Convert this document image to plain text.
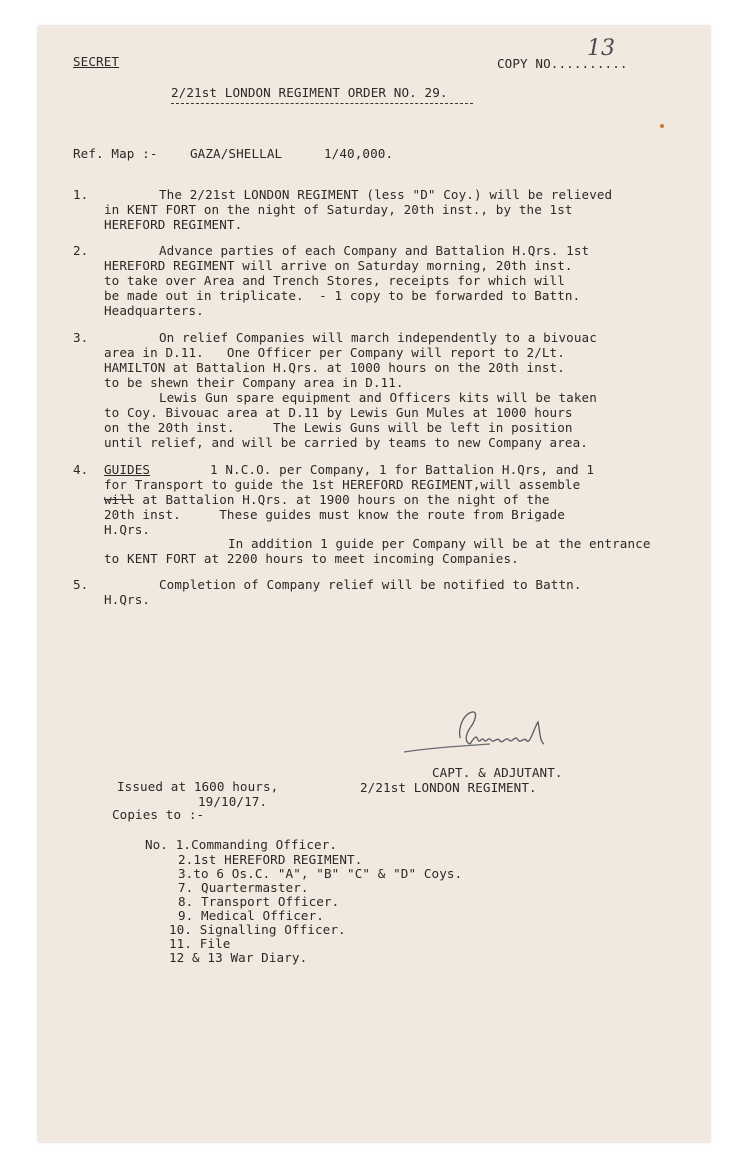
SECRET	COPY NO..........
13
2/21st LONDON REGIMENT ORDER NO. 29.
Ref. Map :-	GAZA/SHELLAL	1/40,000.
1.	The 2/21st LONDON REGIMENT (less "D" Coy.) will be relieved
in KENT FORT on the night of Saturday, 20th inst., by the 1st
HEREFORD REGIMENT.
2.	Advance parties of each Company and Battalion H.Qrs. 1st
HEREFORD REGIMENT will arrive on Saturday morning, 20th inst.
to take over Area and Trench Stores, receipts for which will
be made out in triplicate.  - 1 copy to be forwarded to Battn.
Headquarters.
3.	On relief Companies will march independently to a bivouac
area in D.11.   One Officer per Company will report to 2/Lt.
HAMILTON at Battalion H.Qrs. at 1000 hours on the 20th inst.
to be shewn their Company area in D.11.
Lewis Gun spare equipment and Officers kits will be taken
to Coy. Bivouac area at D.11 by Lewis Gun Mules at 1000 hours
on the 20th inst.     The Lewis Guns will be left in position
until relief, and will be carried by teams to new Company area.
4. GUIDES	1 N.C.O. per Company, 1 for Battalion H.Qrs, and 1
for Transport to guide the 1st HEREFORD REGIMENT,will assemble
will at Battalion H.Qrs. at 1900 hours on the night of the
20th inst.     These guides must know the route from Brigade
H.Qrs.
In addition 1 guide per Company will be at the entrance
to KENT FORT at 2200 hours to meet incoming Companies.
5.	Completion of Company relief will be notified to Battn.
H.Qrs.
CAPT. & ADJUTANT.
2/21st LONDON REGIMENT.
Issued at 1600 hours,
19/10/17.
Copies to :-
No. 1.Commanding Officer.
2.1st HEREFORD REGIMENT.
3.to 6 Os.C. "A", "B" "C" & "D" Coys.
7. Quartermaster.
8. Transport Officer.
9. Medical Officer.
10. Signalling Officer.
11. File
12 & 13 War Diary.
